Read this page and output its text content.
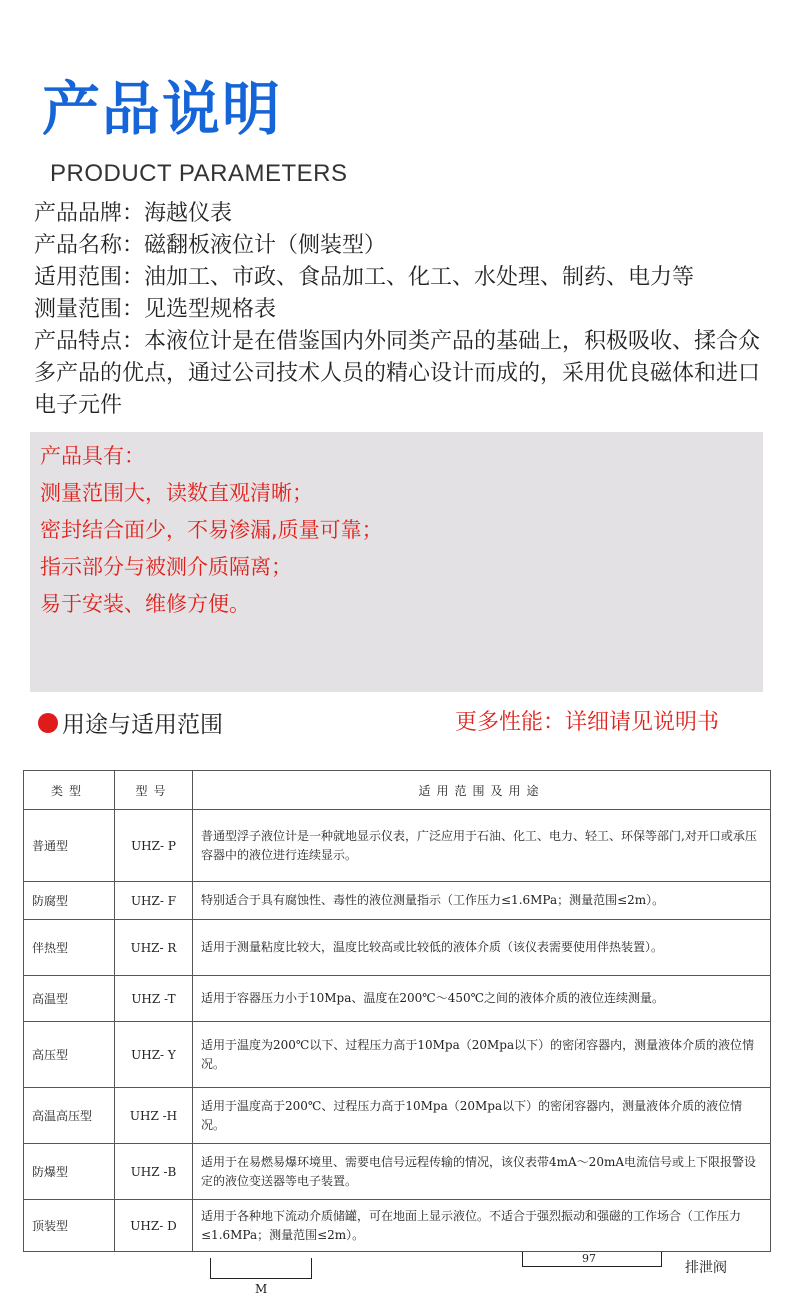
产品说明
PRODUCT PARAMETERS
产品品牌：海越仪表
产品名称：磁翻板液位计（侧装型）
适用范围：油加工、市政、食品加工、化工、水处理、制药、电力等
测量范围：见选型规格表
产品特点：本液位计是在借鉴国内外同类产品的基础上，积极吸收、揉合众多产品的优点，通过公司技术人员的精心设计而成的，采用优良磁体和进口电子元件
产品具有：
测量范围大，读数直观清晰；
密封结合面少，不易渗漏,质量可靠；
指示部分与被测介质隔离；
易于安装、维修方便。
用途与适用范围	更多性能：详细请见说明书
类型	型号	适用范围及用途
普通型	UHZ- P	普通型浮子液位计是一种就地显示仪表，广泛应用于石油、化工、电力、轻工、环保等部门,对开口或承压容器中的液位进行连续显示。
防腐型	UHZ- F	特别适合于具有腐蚀性、毒性的液位测量指示（工作压力≤1.6MPa；测量范围≤2m）。
伴热型	UHZ- R	适用于测量粘度比较大，温度比较高或比较低的液体介质（该仪表需要使用伴热装置）。
高温型	UHZ -T	适用于容器压力小于10Mpa、温度在200℃～450℃之间的液体介质的液位连续测量。
高压型	UHZ- Y	适用于温度为200℃以下、过程压力高于10Mpa（20Mpa以下）的密闭容器内，测量液体介质的液位情况。
高温高压型	UHZ -H	适用于温度高于200℃、过程压力高于10Mpa（20Mpa以下）的密闭容器内，测量液体介质的液位情况。
防爆型	UHZ -B	适用于在易燃易爆环境里、需要电信号远程传输的情况，该仪表带4mA～20mA电流信号或上下限报警设定的液位变送器等电子装置。
顶装型	UHZ- D	适用于各种地下流动介质储罐，可在地面上显示液位。不适合于强烈振动和强磁的工作场合（工作压力≤1.6MPa；测量范围≤2m）。
M
97
排泄阀
